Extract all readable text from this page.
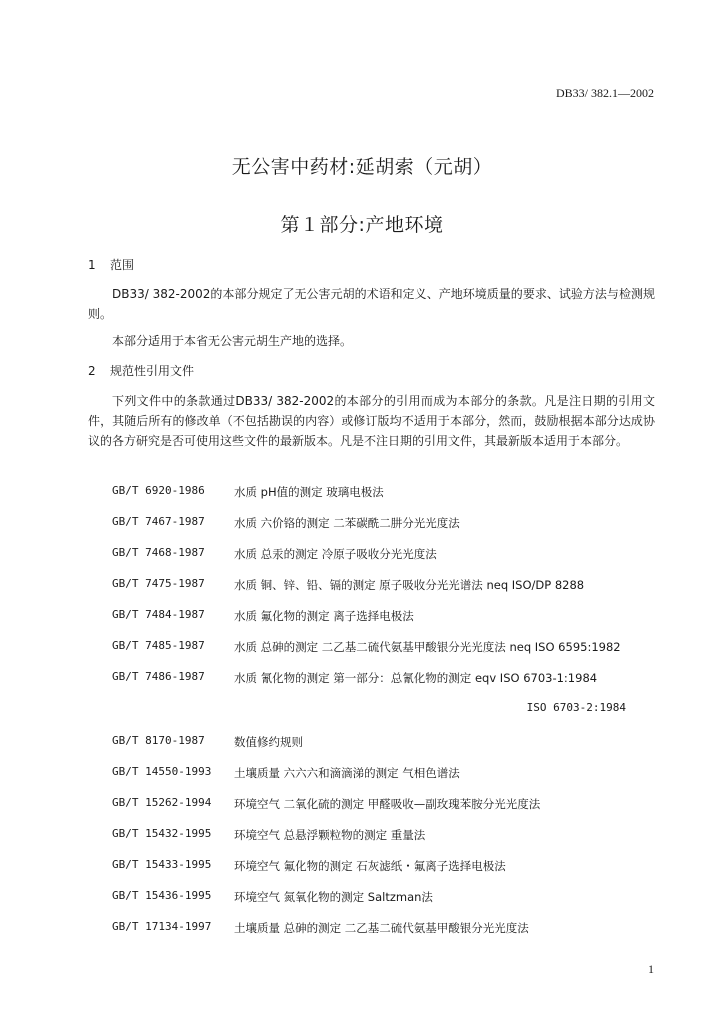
DB33/ 382.1—2002
无公害中药材:延胡索（元胡）
第１部分:产地环境
1 范围
DB33/ 382-2002的本部分规定了无公害元胡的术语和定义、产地环境质量的要求、试验方法与检测规则。
本部分适用于本省无公害元胡生产地的选择。
2 规范性引用文件
下列文件中的条款通过DB33/ 382-2002的本部分的引用而成为本部分的条款。凡是注日期的引用文件，其随后所有的修改单（不包括勘误的内容）或修订版均不适用于本部分，然而，鼓励根据本部分达成协议的各方研究是否可使用这些文件的最新版本。凡是不注日期的引用文件，其最新版本适用于本部分。
GB/T 6920-1986	水质 pH值的测定 玻璃电极法
GB/T 7467-1987	水质 六价铬的测定 二苯碳酰二肼分光光度法
GB/T 7468-1987	水质 总汞的测定 冷原子吸收分光光度法
GB/T 7475-1987	水质 铜、锌、铅、镉的测定 原子吸收分光光谱法 neq ISO/DP 8288
GB/T 7484-1987	水质 氟化物的测定 离子选择电极法
GB/T 7485-1987	水质 总砷的测定 二乙基二硫代氨基甲酸银分光光度法 neq ISO 6595:1982
GB/T 7486-1987	水质 氰化物的测定 第一部分：总氰化物的测定 eqv ISO 6703-1:1984
ISO 6703-2:1984
GB/T 8170-1987	数值修约规则
GB/T 14550-1993 土壤质量 六六六和滴滴涕的测定 气相色谱法
GB/T 15262-1994 环境空气 二氧化硫的测定 甲醛吸收—副玫瑰苯胺分光光度法
GB/T 15432-1995 环境空气 总悬浮颗粒物的测定 重量法
GB/T 15433-1995 环境空气 氟化物的测定 石灰滤纸・氟离子选择电极法
GB/T 15436-1995 环境空气 氮氧化物的测定 Saltzman法
GB/T 17134-1997 土壤质量 总砷的测定 二乙基二硫代氨基甲酸银分光光度法
1
